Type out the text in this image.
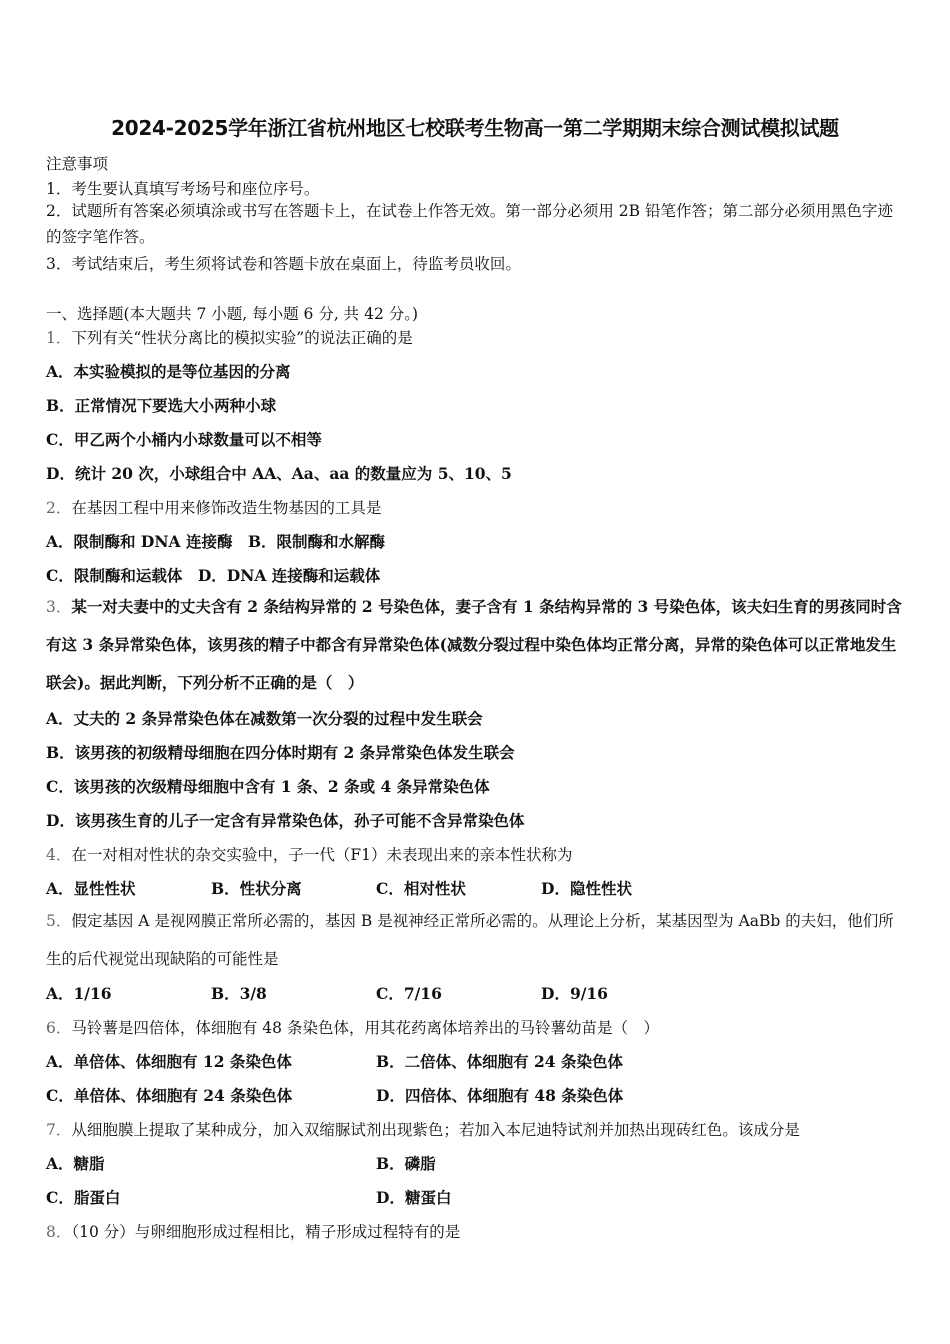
2024-2025学年浙江省杭州地区七校联考生物高一第二学期期末综合测试模拟试题
注意事项
1．考生要认真填写考场号和座位序号。
2．试题所有答案必须填涂或书写在答题卡上，在试卷上作答无效。第一部分必须用 2B 铅笔作答；第二部分必须用黑色字迹的签字笔作答。
3．考试结束后，考生须将试卷和答题卡放在桌面上，待监考员收回。
一、选择题(本大题共 7 小题, 每小题 6 分, 共 42 分。)
1．下列有关“性状分离比的模拟实验”的说法正确的是
A．本实验模拟的是等位基因的分离
B．正常情况下要选大小两种小球
C．甲乙两个小桶内小球数量可以不相等
D．统计 20 次，小球组合中 AA、Aa、aa 的数量应为 5、10、5
2．在基因工程中用来修饰改造生物基因的工具是
A．限制酶和 DNA 连接酶　B．限制酶和水解酶
C．限制酶和运载体　D．DNA 连接酶和运载体
3．某一对夫妻中的丈夫含有 2 条结构异常的 2 号染色体，妻子含有 1 条结构异常的 3 号染色体，该夫妇生育的男孩同时含有这 3 条异常染色体，该男孩的精子中都含有异常染色体(减数分裂过程中染色体均正常分离，异常的染色体可以正常地发生联会)。据此判断，下列分析不正确的是（　）
A．丈夫的 2 条异常染色体在减数第一次分裂的过程中发生联会
B．该男孩的初级精母细胞在四分体时期有 2 条异常染色体发生联会
C．该男孩的次级精母细胞中含有 1 条、2 条或 4 条异常染色体
D．该男孩生育的儿子一定含有异常染色体，孙子可能不含异常染色体
4．在一对相对性状的杂交实验中，子一代（F1）未表现出来的亲本性状称为
A．显性性状	B．性状分离	C．相对性状	D．隐性性状
5．假定基因 A 是视网膜正常所必需的，基因 B 是视神经正常所必需的。从理论上分析，某基因型为 AaBb 的夫妇，他们所生的后代视觉出现缺陷的可能性是
A．1/16	B．3/8	C．7/16	D．9/16
6．马铃薯是四倍体，体细胞有 48 条染色体，用其花药离体培养出的马铃薯幼苗是（　）
A．单倍体、体细胞有 12 条染色体	B．二倍体、体细胞有 24 条染色体
C．单倍体、体细胞有 24 条染色体	D．四倍体、体细胞有 48 条染色体
7．从细胞膜上提取了某种成分，加入双缩脲试剂出现紫色；若加入本尼迪特试剂并加热出现砖红色。该成分是
A．糖脂	B．磷脂
C．脂蛋白	D．糖蛋白
8．（10 分）与卵细胞形成过程相比，精子形成过程特有的是
